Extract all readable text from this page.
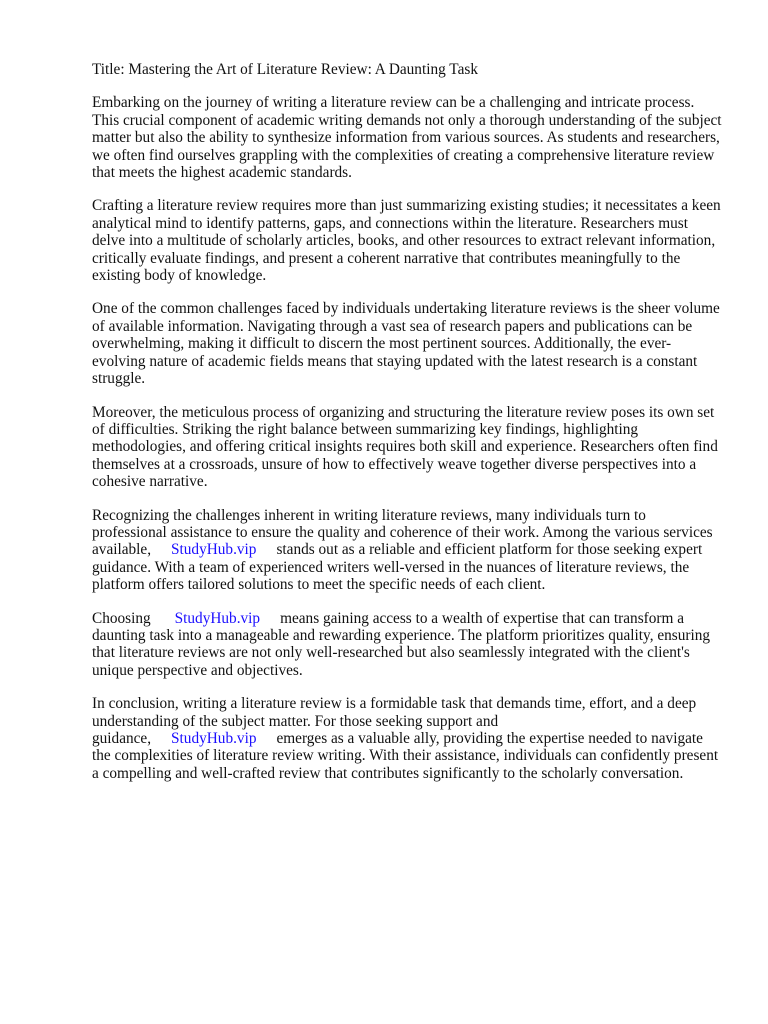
Title: Mastering the Art of Literature Review: A Daunting Task

Embarking on the journey of writing a literature review can be a challenging and intricate process. This crucial component of academic writing demands not only a thorough understanding of the subject matter but also the ability to synthesize information from various sources. As students and researchers, we often find ourselves grappling with the complexities of creating a comprehensive literature review that meets the highest academic standards.

Crafting a literature review requires more than just summarizing existing studies; it necessitates a keen analytical mind to identify patterns, gaps, and connections within the literature. Researchers must delve into a multitude of scholarly articles, books, and other resources to extract relevant information, critically evaluate findings, and present a coherent narrative that contributes meaningfully to the existing body of knowledge.

One of the common challenges faced by individuals undertaking literature reviews is the sheer volume of available information. Navigating through a vast sea of research papers and publications can be overwhelming, making it difficult to discern the most pertinent sources. Additionally, the ever-evolving nature of academic fields means that staying updated with the latest research is a constant struggle.

Moreover, the meticulous process of organizing and structuring the literature review poses its own set of difficulties. Striking the right balance between summarizing key findings, highlighting methodologies, and offering critical insights requires both skill and experience. Researchers often find themselves at a crossroads, unsure of how to effectively weave together diverse perspectives into a cohesive narrative.

Recognizing the challenges inherent in writing literature reviews, many individuals turn to professional assistance to ensure the quality and coherence of their work. Among the various services available, StudyHub.vip stands out as a reliable and efficient platform for those seeking expert guidance. With a team of experienced writers well-versed in the nuances of literature reviews, the platform offers tailored solutions to meet the specific needs of each client.

Choosing StudyHub.vip means gaining access to a wealth of expertise that can transform a daunting task into a manageable and rewarding experience. The platform prioritizes quality, ensuring that literature reviews are not only well-researched but also seamlessly integrated with the client's unique perspective and objectives.

In conclusion, writing a literature review is a formidable task that demands time, effort, and a deep understanding of the subject matter. For those seeking support and guidance, StudyHub.vip emerges as a valuable ally, providing the expertise needed to navigate the complexities of literature review writing. With their assistance, individuals can confidently present a compelling and well-crafted review that contributes significantly to the scholarly conversation.
